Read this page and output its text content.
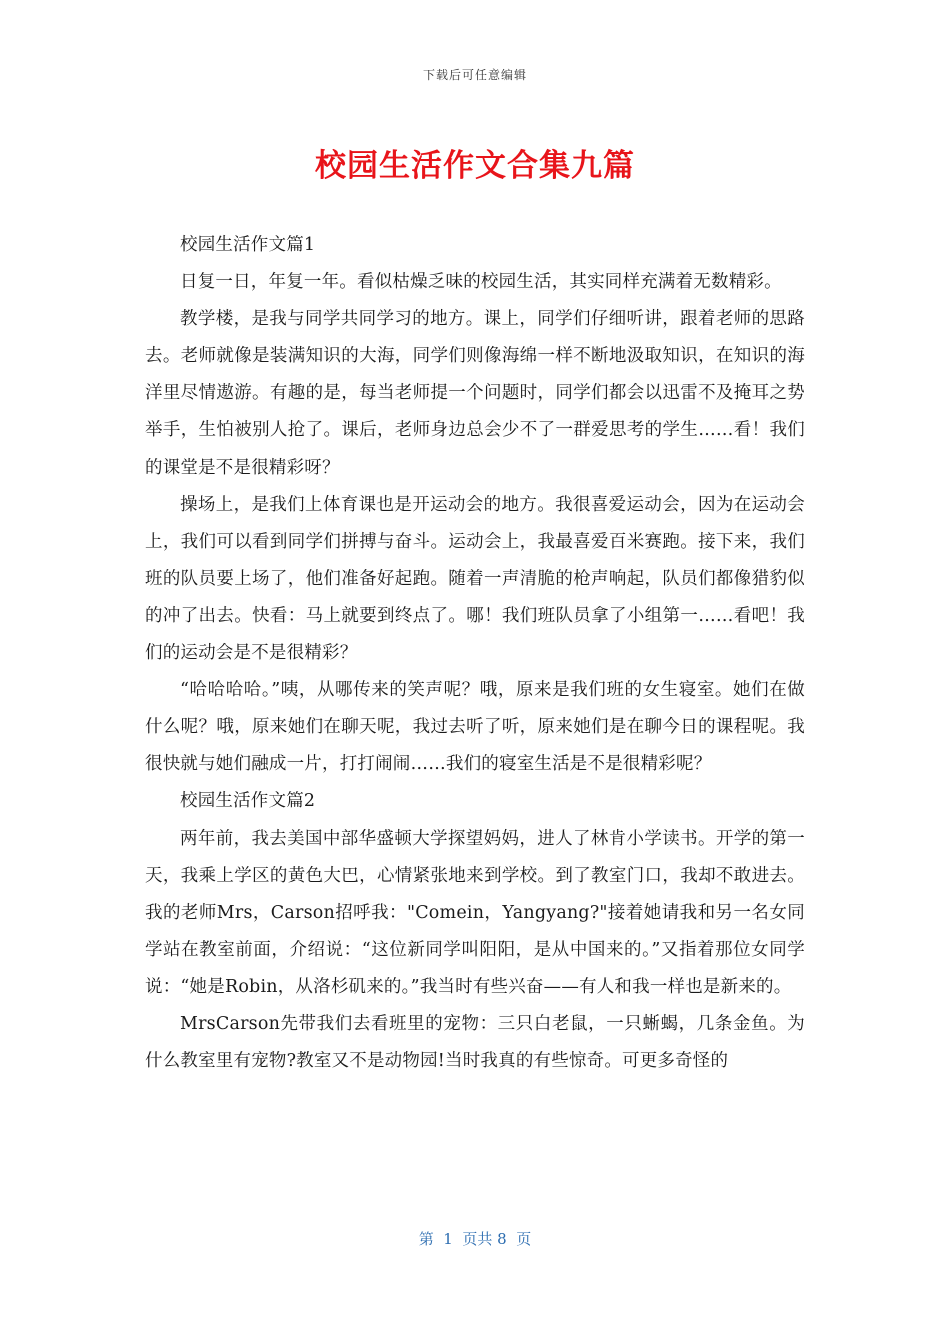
下载后可任意编辑
校园生活作文合集九篇

校园生活作文篇1

日复一日，年复一年。看似枯燥乏味的校园生活，其实同样充满着无数精彩。

教学楼，是我与同学共同学习的地方。课上，同学们仔细听讲，跟着老师的思路去。老师就像是装满知识的大海，同学们则像海绵一样不断地汲取知识，在知识的海洋里尽情遨游。有趣的是，每当老师提一个问题时，同学们都会以迅雷不及掩耳之势举手，生怕被别人抢了。课后，老师身边总会少不了一群爱思考的学生……看！我们的课堂是不是很精彩呀？

操场上，是我们上体育课也是开运动会的地方。我很喜爱运动会，因为在运动会上，我们可以看到同学们拼搏与奋斗。运动会上，我最喜爱百米赛跑。接下来，我们班的队员要上场了，他们准备好起跑。随着一声清脆的枪声响起，队员们都像猎豹似的冲了出去。快看：马上就要到终点了。哪！我们班队员拿了小组第一……看吧！我们的运动会是不是很精彩？

“哈哈哈哈。”咦，从哪传来的笑声呢？哦，原来是我们班的女生寝室。她们在做什么呢？哦，原来她们在聊天呢，我过去听了听，原来她们是在聊今日的课程呢。我很快就与她们融成一片，打打闹闹……我们的寝室生活是不是很精彩呢？

校园生活作文篇2

两年前，我去美国中部华盛顿大学探望妈妈，进人了林肯小学读书。开学的第一天，我乘上学区的黄色大巴，心情紧张地来到学校。到了教室门口，我却不敢进去。我的老师Mrs，Carson招呼我："Comein，Yangyang?"接着她请我和另一名女同学站在教室前面，介绍说：“这位新同学叫阳阳，是从中国来的。”又指着那位女同学说：“她是Robin，从洛杉矶来的。”我当时有些兴奋——有人和我一样也是新来的。

MrsCarson先带我们去看班里的宠物：三只白老鼠，一只蜥蝎，几条金鱼。为什么教室里有宠物?教室又不是动物园!当时我真的有些惊奇。可更多奇怪的

第  1  页共 8  页
